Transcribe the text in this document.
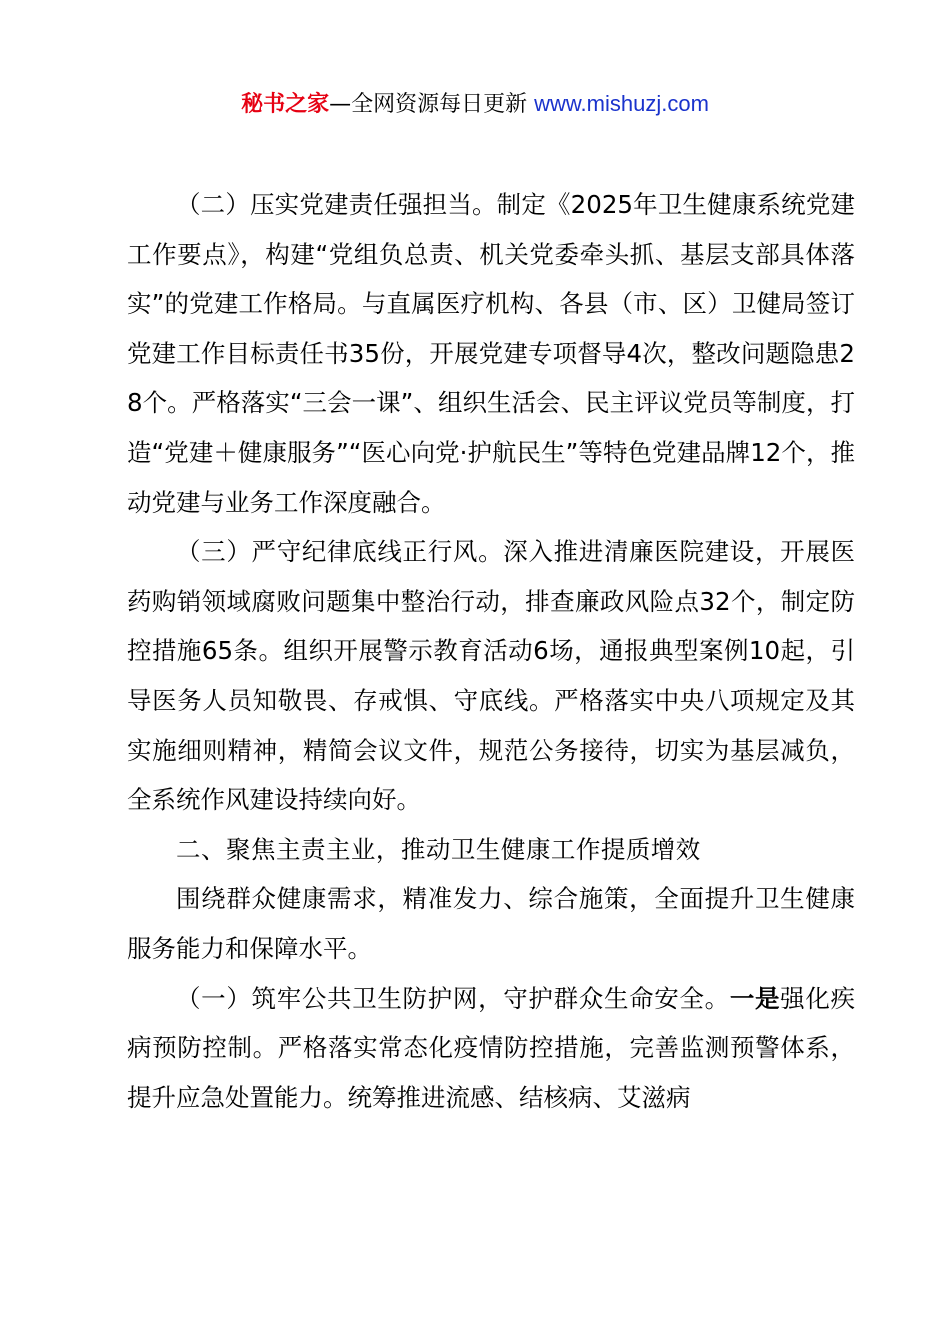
秘书之家—全网资源每日更新 www.mishuzj.com

（二）压实党建责任强担当。制定《2025年卫生健康系统党建工作要点》，构建“党组负总责、机关党委牵头抓、基层支部具体落实”的党建工作格局。与直属医疗机构、各县（市、区）卫健局签订党建工作目标责任书35份，开展党建专项督导4次，整改问题隐患28个。严格落实“三会一课”、组织生活会、民主评议党员等制度，打造“党建＋健康服务”“医心向党·护航民生”等特色党建品牌12个，推动党建与业务工作深度融合。

（三）严守纪律底线正行风。深入推进清廉医院建设，开展医药购销领域腐败问题集中整治行动，排查廉政风险点32个，制定防控措施65条。组织开展警示教育活动6场，通报典型案例10起，引导医务人员知敬畏、存戒惧、守底线。严格落实中央八项规定及其实施细则精神，精简会议文件，规范公务接待，切实为基层减负，全系统作风建设持续向好。

二、聚焦主责主业，推动卫生健康工作提质增效

围绕群众健康需求，精准发力、综合施策，全面提升卫生健康服务能力和保障水平。

（一）筑牢公共卫生防护网，守护群众生命安全。一是强化疾病预防控制。严格落实常态化疫情防控措施，完善监测预警体系，提升应急处置能力。统筹推进流感、结核病、艾滋病
